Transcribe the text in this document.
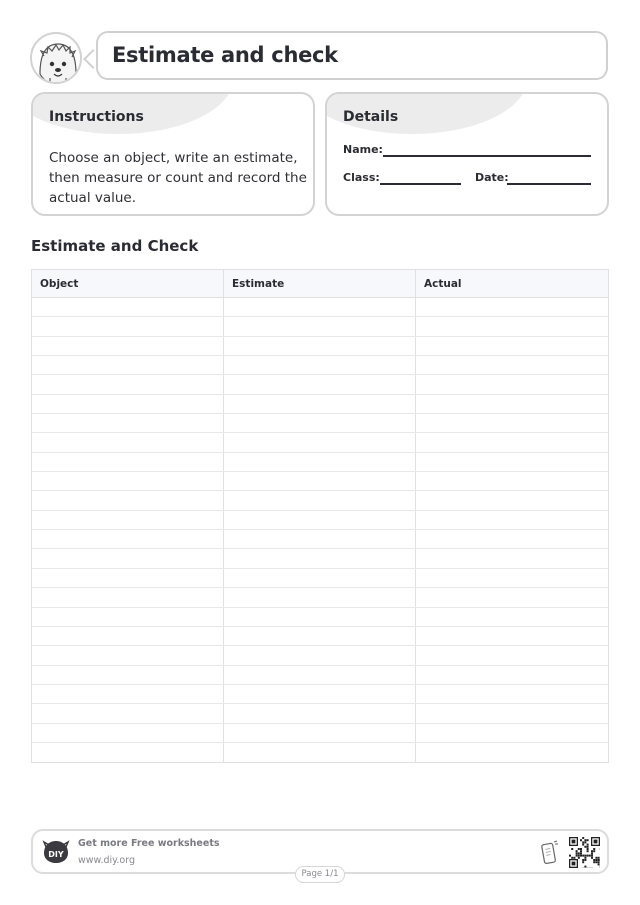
Estimate and check
Instructions
Choose an object, write an estimate, then measure or count and record the actual value.
Details
Name:
Class:	Date:
Estimate and Check
Object	Estimate	Actual
DIY
Get more Free worksheets
www.diy.org
Page 1/1
